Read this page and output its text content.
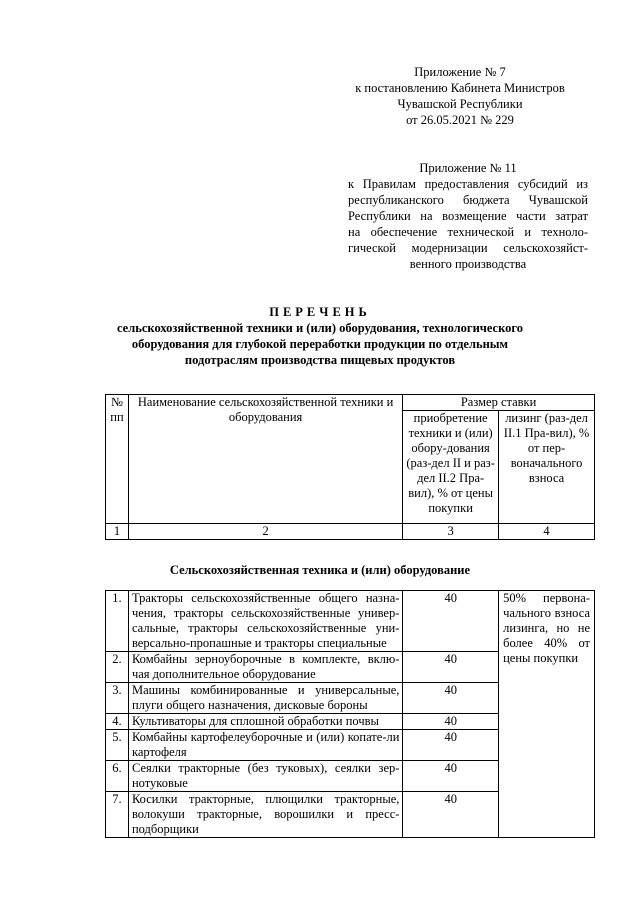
Приложение № 7
к постановлению Кабинета Министров
Чувашской Республики
от 26.05.2021 № 229
Приложение № 11
к Правилам предоставления субсидий из
республиканского бюджета Чувашской
Республики на возмещение части затрат
на обеспечение технической и техноло-
гической модернизации сельскохозяйст-
венного производства
ПЕРЕЧЕНЬ
сельскохозяйственной техники и (или) оборудования, технологического
оборудования для глубокой переработки продукции по отдельным
подотраслям производства пищевых продуктов
№ пп	Наименование сельскохозяйственной техники и оборудования	Размер ставки	
		приобретение техники и (или) обору-дования (раз-дел II и раз-дел II.2 Пра-вил), % от цены покупки	лизинг (раз-дел II.1 Пра-вил), % от пер-воначального взноса
1	2	3	4
Сельскохозяйственная техника и (или) оборудование
1.	Тракторы сельскохозяйственные общего назна-чения, тракторы сельскохозяйственные универ-сальные, тракторы сельскохозяйственные уни-версально-пропашные и тракторы специальные	40	50% первона-чального взноса лизинга, но не более 40% от цены покупки
2.	Комбайны зерноуборочные в комплекте, вклю-чая дополнительное оборудование	40	
3.	Машины комбинированные и универсальные, плуги общего назначения, дисковые бороны	40	
4.	Культиваторы для сплошной обработки почвы	40	
5.	Комбайны картофелеуборочные и (или) копате-ли картофеля	40	
6.	Сеялки тракторные (без туковых), сеялки зер-нотуковые	40	
7.	Косилки тракторные, плющилки тракторные, волокуши тракторные, ворошилки и пресс-подборщики	40	
